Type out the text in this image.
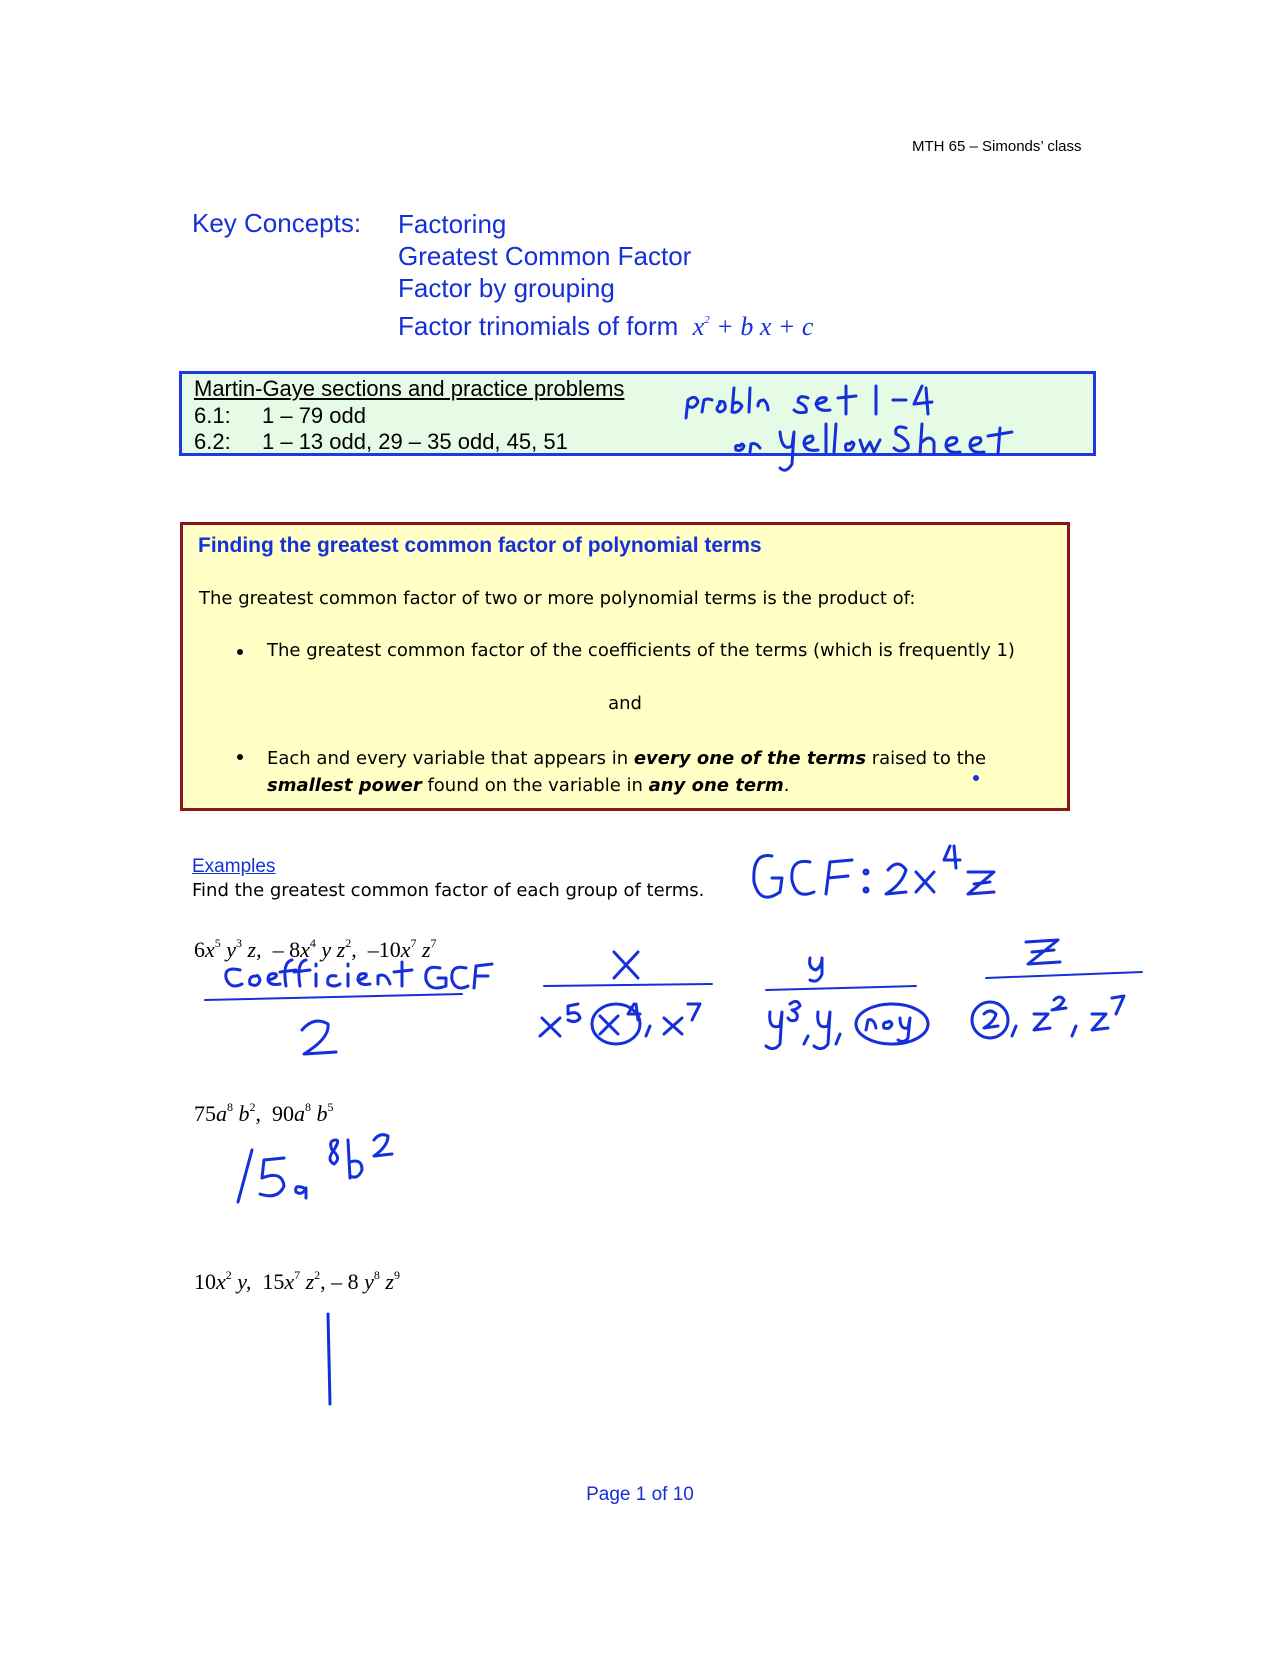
MTH 65 – Simonds’ class
Key Concepts: Factoring
Greatest Common Factor
Factor by grouping
Factor trinomials of form $x^2 + b$ x + c
Martin-Gaye sections and practice problems
6.1: 1 – 79 odd
6.2: 1 – 13 odd, 29 – 35 odd, 45, 51
Finding the greatest common factor of polynomial terms
The greatest common factor of two or more polynomial terms is the product of:
The greatest common factor of the coefficients of the terms (which is frequently 1)
and
Each and every variable that appears in every one of the terms raised to the smallest power found on the variable in any one term.
Examples
Find the greatest common factor of each group of terms.
$6x^5$ $y^3$ z, – $8x^4$ y $z^2$, $-10x^7$ $z^7$
$75a^8$ $b^2$, $90a^8$ $b^5$
$10x^2$ y, $15x^7$ $z^2$, – 8 $y^8$ $z^9$
Page 1 of 10
